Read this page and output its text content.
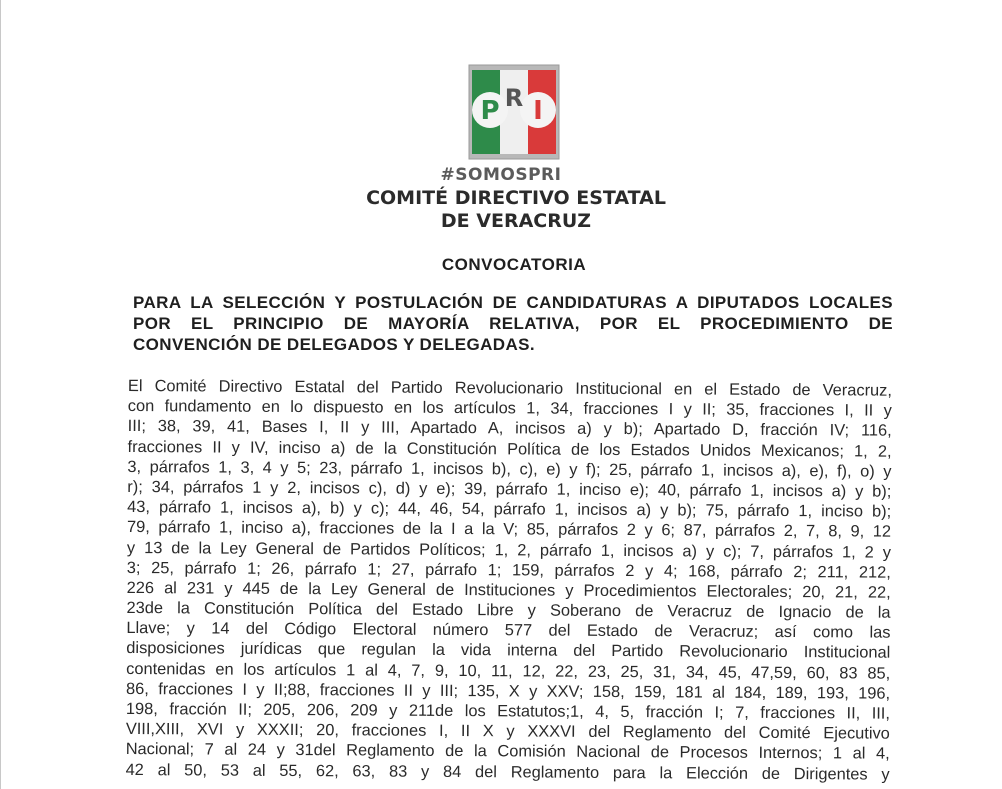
P R I
#SOMOSPRI
COMITÉ DIRECTIVO ESTATAL
DE VERACRUZ
CONVOCATORIA
PARA LA SELECCIÓN Y POSTULACIÓN DE CANDIDATURAS A DIPUTADOS LOCALES
POR EL PRINCIPIO DE MAYORÍA RELATIVA, POR EL PROCEDIMIENTO DE
CONVENCIÓN DE DELEGADOS Y DELEGADAS.
El Comité Directivo Estatal del Partido Revolucionario Institucional en el Estado de Veracruz,
con fundamento en lo dispuesto en los artículos 1, 34, fracciones I y II; 35, fracciones I, II y
III; 38, 39, 41, Bases I, II y III, Apartado A, incisos a) y b); Apartado D, fracción IV; 116,
fracciones II y IV, inciso a) de la Constitución Política de los Estados Unidos Mexicanos; 1, 2,
3, párrafos 1, 3, 4 y 5; 23, párrafo 1, incisos b), c), e) y f); 25, párrafo 1, incisos a), e), f), o) y
r); 34, párrafos 1 y 2, incisos c), d) y e); 39, párrafo 1, inciso e); 40, párrafo 1, incisos a) y b);
43, párrafo 1, incisos a), b) y c); 44, 46, 54, párrafo 1, incisos a) y b); 75, párrafo 1, inciso b);
79, párrafo 1, inciso a), fracciones de la I a la V; 85, párrafos 2 y 6; 87, párrafos 2, 7, 8, 9, 12
y 13 de la Ley General de Partidos Políticos; 1, 2, párrafo 1, incisos a) y c); 7, párrafos 1, 2 y
3; 25, párrafo 1; 26, párrafo 1; 27, párrafo 1; 159, párrafos 2 y 4; 168, párrafo 2; 211, 212,
226 al 231 y 445 de la Ley General de Instituciones y Procedimientos Electorales; 20, 21, 22,
23de la Constitución Política del Estado Libre y Soberano de Veracruz de Ignacio de la
Llave; y 14 del Código Electoral número 577 del Estado de Veracruz; así como las
disposiciones jurídicas que regulan la vida interna del Partido Revolucionario Institucional
contenidas en los artículos 1 al 4, 7, 9, 10, 11, 12, 22, 23, 25, 31, 34, 45, 47,59, 60, 83 85,
86, fracciones I y II;88, fracciones II y III; 135, X y XXV; 158, 159, 181 al 184, 189, 193, 196,
198, fracción II; 205, 206, 209 y 211de los Estatutos;1, 4, 5, fracción I; 7, fracciones II, III,
VIII,XIII, XVI y XXXII; 20, fracciones I, II X y XXXVI del Reglamento del Comité Ejecutivo
Nacional; 7 al 24 y 31del Reglamento de la Comisión Nacional de Procesos Internos; 1 al 4,
42 al 50, 53 al 55, 62, 63, 83 y 84 del Reglamento para la Elección de Dirigentes y
